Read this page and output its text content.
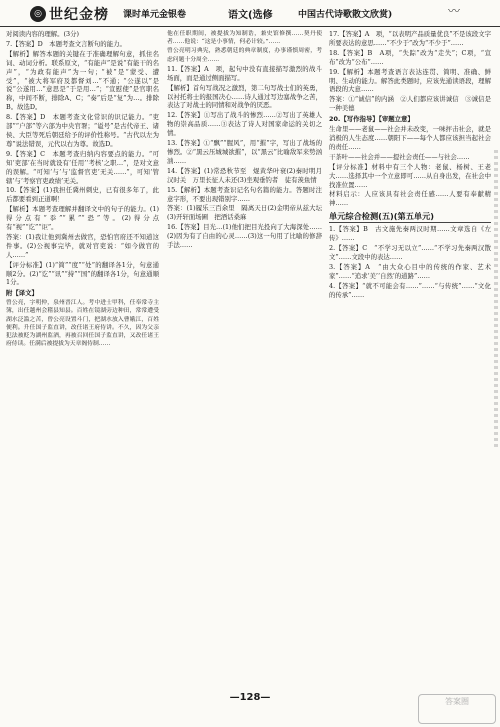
◎ 世纪金榜 课时单元金银卷	语文(选修	中国古代诗歌散文欣赏)	〰

对阅读内容的理解。(3分)

7.【答案】D　本题考查文言断句的能力。

【解析】解答本题的关键在于准确理解句意，抓住名词、动词分析。联系原文，“有能声”是说“有能干的名声”，“为政有能声”为一句；“被”是“蒙受、遭受”，“被大将军府及都督刘…”不通；“公遂以”是说“公遂用…”意思是“于是用…”；“宣慰使”是官职名称，中间不断，排除A、C；“奏”后是“复”为…。排除B。故选D。

8.【答案】D　本题考查文化常识的识记能力。“吏部”“户部”等六部为中央官署；“谥号”是古代帝王、诸侯、大臣等死后朝廷给予的评价性称号。“古代以左为尊”说法错误，元代以右为尊。故选D。

9.【答案】C　本题考查归纳内容要点的能力。“可知‘吏部’在当时就设有‘任用’‘考核’之职…”，是对文意的误解。“可知‘与’与‘监督官吏’无关……”，可知‘管辖’与‘考察官吏政绩’无关。

10.【答案】(1)我担任冀州刺史，已有很多年了，此后都要看到正道啊！

【解析】本题考查理解并翻译文中的句子的能力。(1)得分点有“忝”“累”“恐”等。(2)得分点有“视”“讫”“讵”。

答案：(1)我让他到冀州去做官，恐怕官府还不知道这件事。(2)公视事完毕，就对官吏说：“如今做官的人……”

【评分标准】(1)“简”“度”“处”的翻译各1分，句意通顺2分。(2)“讫”“讯”“持”“国”的翻译各1分，句意通顺1分。

附【译文】

曾公亮，字明仲，泉州晋江人。考中进士甲科，任奉常寺主簿，出任越州会稽县知县。百姓在镜湖旁边种田，常常遭受湖水泛滥之苦，曾公亮设置斗门，把湖水放入曹娥江，百姓便利。升任国子监直讲，改任诸王府侍讲。不久，因为父亲犯法被贬为湖州监酒，再被召回任国子监直讲，又改任诸王府侍读。任满后被提拔为天章阁侍制……

他在任职期间，被提拔为知制诰，兼史馆修撰……契丹使者……他说：“这是小事情，何必计较。”……

曾公亮明习典宪，熟悉朝廷的典章制度，办事谨慎周密，考虑问题十分周全……

11.【答案】A　项，起句中没有直接描写激烈的战斗场面，而是通过侧面描写。

【解析】首句写战况之激烈，第二句写战士们的英勇，以衬托将士的报国决心……诗人通过写边塞战争之苦，表达了对战士的同情和对战争的厌恶。

12.【答案】①写出了战斗的惨烈……②写出了英雄人物的崇高品质……③表达了诗人对国家命运的关切之情。

13.【答案】①“飘”“腥风”，用“摧”字，写出了战场的惨烈。②“黑云压城城欲摧”，以“黑云”比喻敌军来势汹汹……

14.【答案】(1)常恐秋节至　焜黄华叶衰(2)秦时明月汉时关　万里长征人未还(3)坐观垂钓者　徒有羡鱼情

15.【解析】本题考查识记名句名篇的能力。答题时注意字形，不要出现错别字……

答案：(1)履乐三百余里　隔离天日(2)金明帝从兹大坛(3)开轩面场圃　把酒话桑麻

16.【答案】目光…(1)他们把目光投向了大海深处……(2)因为有了自由的心灵……(3)这一句用了比喻的修辞手法……

17.【答案】A　项，“以表明产品质量优良”不是该段文字所要表达的意思……“不少于”改为“不少于”……

18.【答案】B　A项，“失踪”改为“走失”；C项，“宣布”改为“公布”……

19.【解析】本题考查语言表达连贯、简明、准确、鲜明、生动的能力。解答此类题时，应该先通读语段，理解语段的大意……

答案：①“诚信”的内涵　②人们都应该讲诚信　③诚信是一种美德

20.【写作指导】【审题立意】

生命里——老鼠——社会并未改变，一味抨击社会，就是消极的人生态度……朝阳下——每个人都应该担当起社会的责任……

干茶叶——社会并——提社会责任——与社会……

【评分标准】材料中有三个人物：老鼠、杨树、王老大……选择其中一个立意即可……从自身出发，在社会中找准位置……

材料启示：人应该具有社会责任感……人要有奉献精神……

单元综合检测(五)(第五单元)

1.【答案】B　古文施先秦两汉时期……文章选自《左传》……

2.【答案】C　“不学习无以立”……“不学习先秦两汉散文”……文段中的表达……

3.【答案】A　“由大众心目中的传统的作家、艺术家”……“追求‘美’‘自然’的道路”……

4.【答案】“就不可能会有……”……“与传统”……“文化的传承”……

—128—	答案圈
